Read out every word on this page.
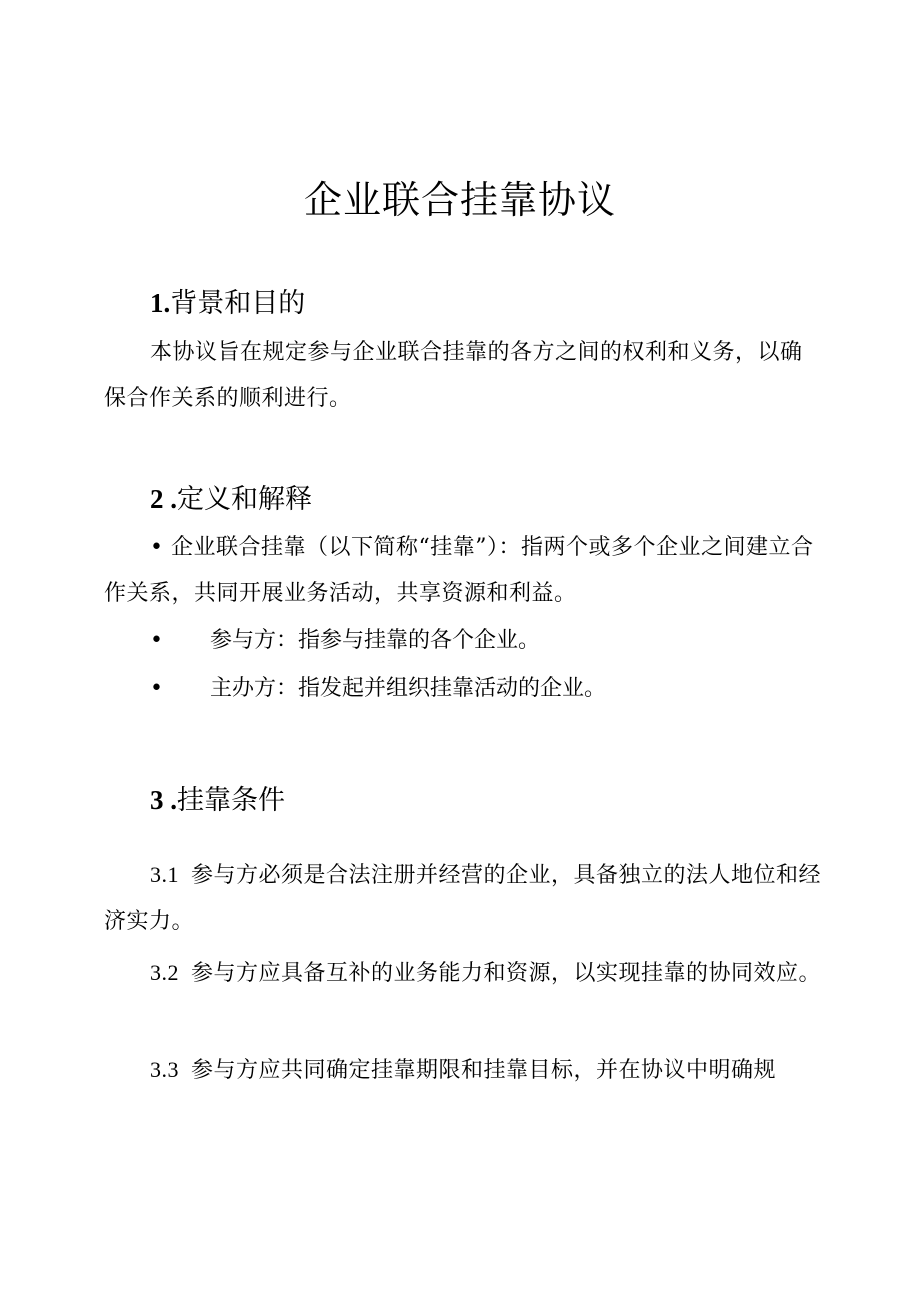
企业联合挂靠协议
1.背景和目的
本协议旨在规定参与企业联合挂靠的各方之间的权利和义务，以确保合作关系的顺利进行。
2 .定义和解释
• 企业联合挂靠（以下简称“挂靠”）：指两个或多个企业之间建立合作关系，共同开展业务活动，共享资源和利益。
• 参与方：指参与挂靠的各个企业。
• 主办方：指发起并组织挂靠活动的企业。
3 .挂靠条件
3.1 参与方必须是合法注册并经营的企业，具备独立的法人地位和经济实力。
3.2 参与方应具备互补的业务能力和资源，以实现挂靠的协同效应。
3.3 参与方应共同确定挂靠期限和挂靠目标，并在协议中明确规
